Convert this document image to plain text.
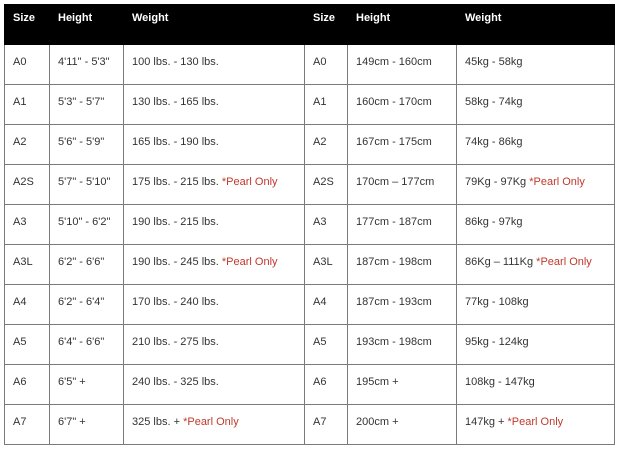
Size	Height	Weight	Size	Height	Weight
A0	4'11" - 5'3"	100 lbs. - 130 lbs.	A0	149cm - 160cm	45kg - 58kg
A1	5'3" - 5'7"	130 lbs. - 165 lbs.	A1	160cm - 170cm	58kg - 74kg
A2	5'6" - 5'9"	165 lbs. - 190 lbs.	A2	167cm - 175cm	74kg - 86kg
A2S	5'7" - 5'10"	175 lbs. - 215 lbs. *Pearl Only	A2S	170cm – 177cm	79Kg - 97Kg *Pearl Only
A3	5'10" - 6'2"	190 lbs. - 215 lbs.	A3	177cm - 187cm	86kg - 97kg
A3L	6'2" - 6'6"	190 lbs. - 245 lbs. *Pearl Only	A3L	187cm - 198cm	86Kg – 111Kg *Pearl Only
A4	6'2" - 6'4"	170 lbs. - 240 lbs.	A4	187cm - 193cm	77kg - 108kg
A5	6'4" - 6'6"	210 lbs. - 275 lbs.	A5	193cm - 198cm	95kg - 124kg
A6	6'5" +	240 lbs. - 325 lbs.	A6	195cm +	108kg - 147kg
A7	6'7" +	325 lbs. + *Pearl Only	A7	200cm +	147kg + *Pearl Only
